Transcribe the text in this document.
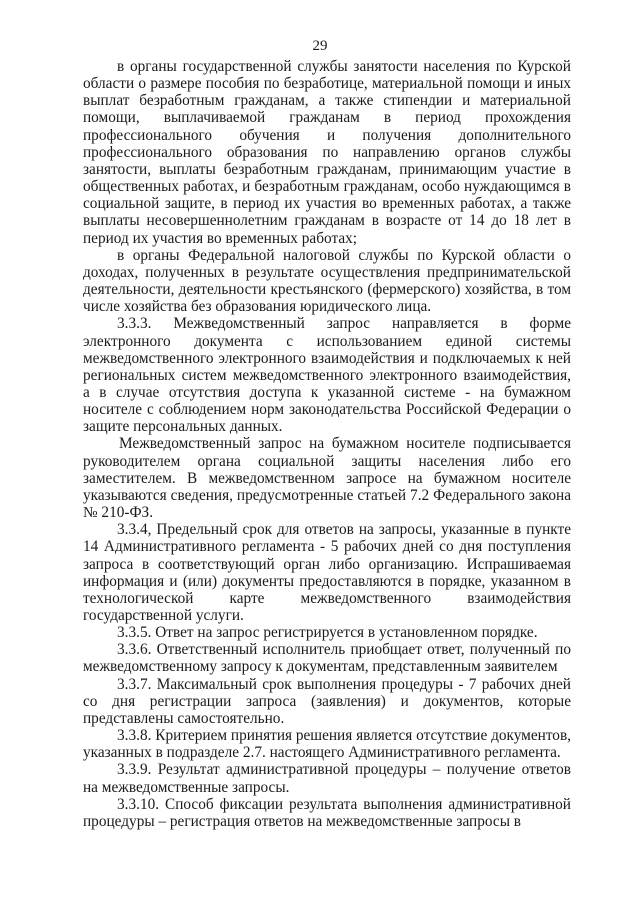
29

в органы государственной службы занятости населения по Курской области о размере пособия по безработице, материальной помощи и иных выплат безработным гражданам, а также стипендии и материальной помощи, выплачиваемой гражданам в период прохождения профессионального обучения и получения дополнительного профессионального образования по направлению органов службы занятости, выплаты безработным гражданам, принимающим участие в общественных работах, и безработным гражданам, особо нуждающимся в социальной защите, в период их участия во временных работах, а также выплаты несовершеннолетним гражданам в возрасте от 14 до 18 лет в период их участия во временных работах;

в органы Федеральной налоговой службы по Курской области о доходах, полученных в результате осуществления предпринимательской деятельности, деятельности крестьянского (фермерского) хозяйства, в том числе хозяйства без образования юридического лица.

3.3.3. Межведомственный запрос направляется в форме электронного документа с использованием единой системы межведомственного электронного взаимодействия и подключаемых к ней региональных систем межведомственного электронного взаимодействия, а в случае отсутствия доступа к указанной системе - на бумажном носителе с соблюдением норм законодательства Российской Федерации о защите персональных данных.

Межведомственный запрос на бумажном носителе подписывается руководителем органа социальной защиты населения либо его заместителем. В межведомственном запросе на бумажном носителе указываются сведения, предусмотренные статьей 7.2 Федерального закона № 210-ФЗ.

3.3.4, Предельный срок для ответов на запросы, указанные в пункте 14 Административного регламента - 5 рабочих дней со дня поступления запроса в соответствующий орган либо организацию. Испрашиваемая информация и (или) документы предоставляются в порядке, указанном в технологической карте межведомственного взаимодействия государственной услуги.

3.3.5. Ответ на запрос регистрируется в установленном порядке.

3.3.6. Ответственный исполнитель приобщает ответ, полученный по межведомственному запросу к документам, представленным заявителем

3.3.7. Максимальный срок выполнения процедуры - 7 рабочих дней со дня регистрации запроса (заявления) и документов, которые представлены самостоятельно.

3.3.8. Критерием принятия решения является отсутствие документов, указанных в подразделе 2.7. настоящего Административного регламента.

3.3.9. Результат административной процедуры – получение ответов на межведомственные запросы.

3.3.10. Способ фиксации результата выполнения административной процедуры – регистрация ответов на межведомственные запросы в
